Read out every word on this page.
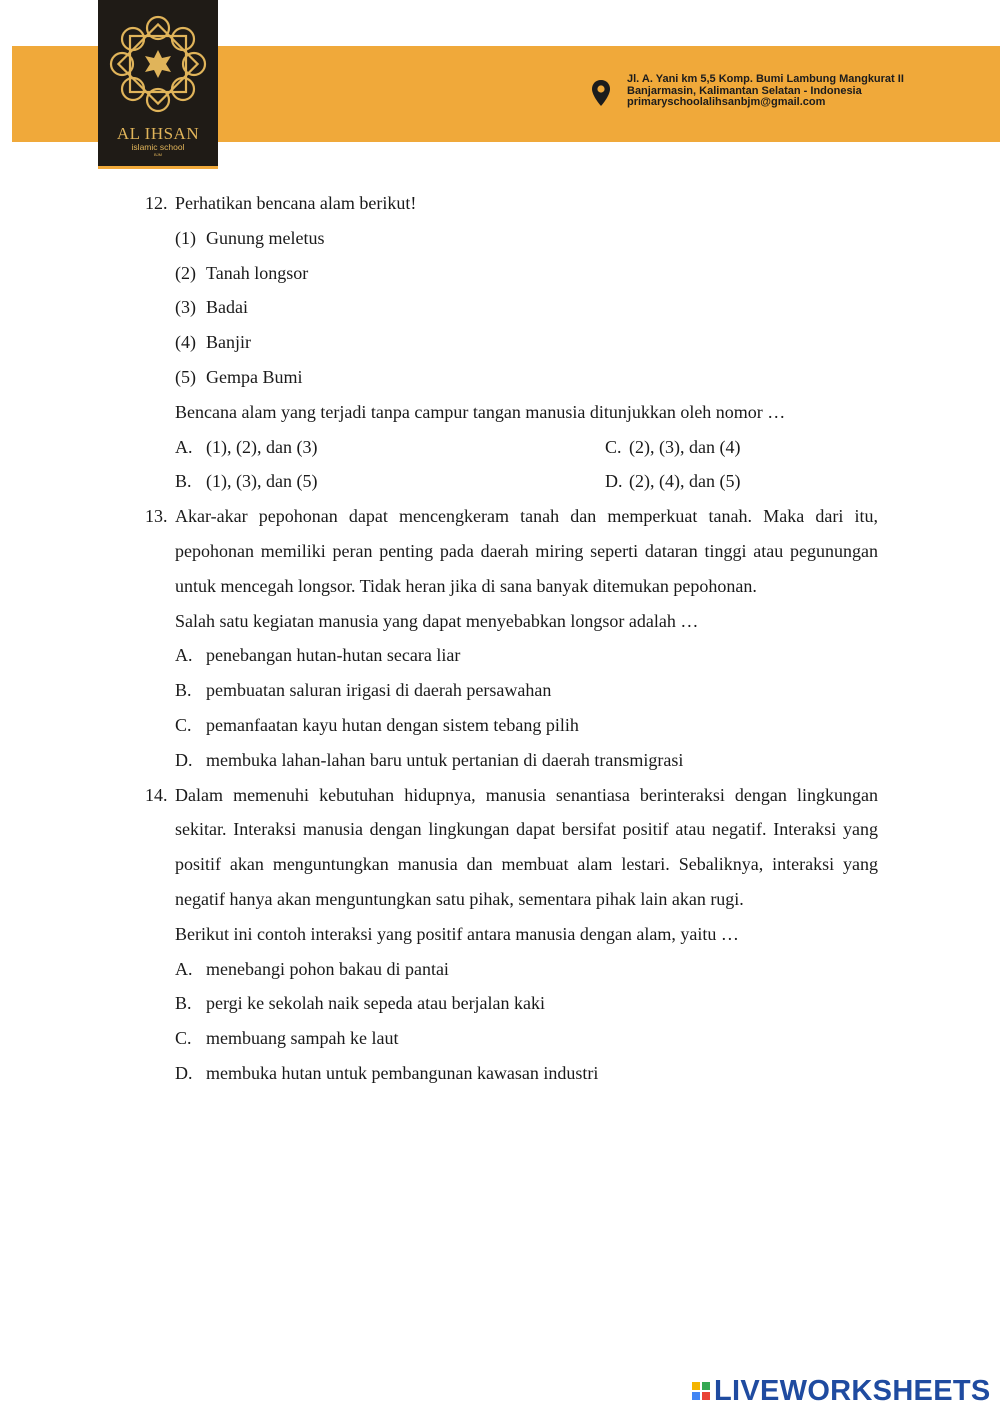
AL IHSAN
islamic school
BJM
Jl. A. Yani km 5,5 Komp. Bumi Lambung Mangkurat II
Banjarmasin, Kalimantan Selatan - Indonesia
primaryschoolalihsanbjm@gmail.com
12. Perhatikan bencana alam berikut!
(1) Gunung meletus
(2) Tanah longsor
(3) Badai
(4) Banjir
(5) Gempa Bumi
Bencana alam yang terjadi tanpa campur tangan manusia ditunjukkan oleh nomor …
A. (1), (2), dan (3)	C. (2), (3), dan (4)
B. (1), (3), dan (5)	D. (2), (4), dan (5)
13. Akar-akar pepohonan dapat mencengkeram tanah dan memperkuat tanah. Maka dari itu, pepohonan memiliki peran penting pada daerah miring seperti dataran tinggi atau pegunungan untuk mencegah longsor. Tidak heran jika di sana banyak ditemukan pepohonan.
Salah satu kegiatan manusia yang dapat menyebabkan longsor adalah …
A. penebangan hutan-hutan secara liar
B. pembuatan saluran irigasi di daerah persawahan
C. pemanfaatan kayu hutan dengan sistem tebang pilih
D. membuka lahan-lahan baru untuk pertanian di daerah transmigrasi
14. Dalam memenuhi kebutuhan hidupnya, manusia senantiasa berinteraksi dengan lingkungan sekitar. Interaksi manusia dengan lingkungan dapat bersifat positif atau negatif. Interaksi yang positif akan menguntungkan manusia dan membuat alam lestari. Sebaliknya, interaksi yang negatif hanya akan menguntungkan satu pihak, sementara pihak lain akan rugi.
Berikut ini contoh interaksi yang positif antara manusia dengan alam, yaitu …
A. menebangi pohon bakau di pantai
B. pergi ke sekolah naik sepeda atau berjalan kaki
C. membuang sampah ke laut
D. membuka hutan untuk pembangunan kawasan industri
LIVEWORKSHEETS
